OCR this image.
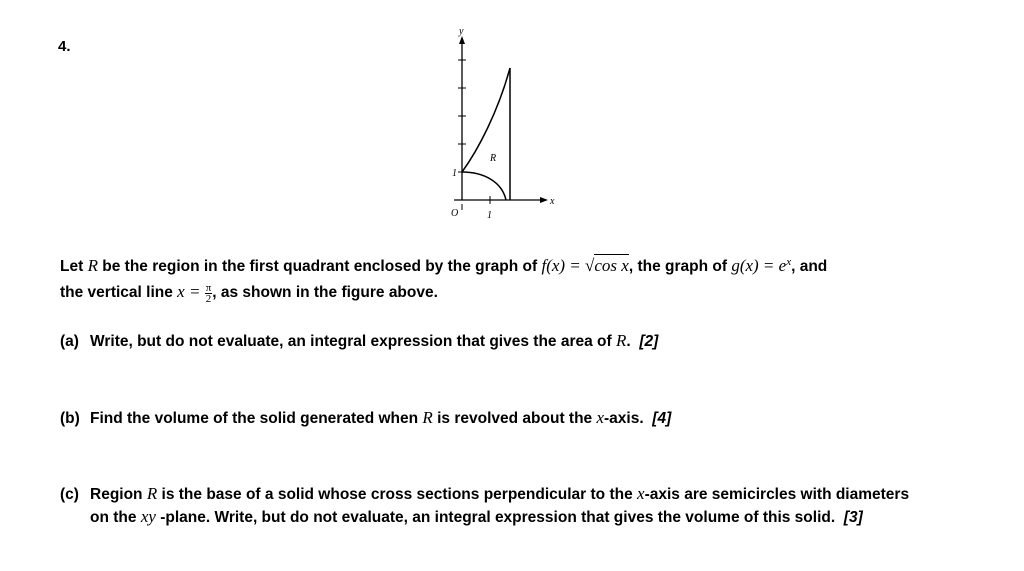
4.
y
x
O
R
1
1
Let R be the region in the first quadrant enclosed by the graph of f(x) = √cos x, the graph of $g(x) = e^x$, and
the vertical line $x = \frac{\pi}{2}$ , as shown in the figure above.
(a) Write, but do not evaluate, an integral expression that gives the area of R. [2]
(b) Find the volume of the solid generated when R is revolved about the x-axis. [4]
(c) Region R is the base of a solid whose cross sections perpendicular to the x-axis are semicircles with diameters
on the xy -plane. Write, but do not evaluate, an integral expression that gives the volume of this solid. [3]
